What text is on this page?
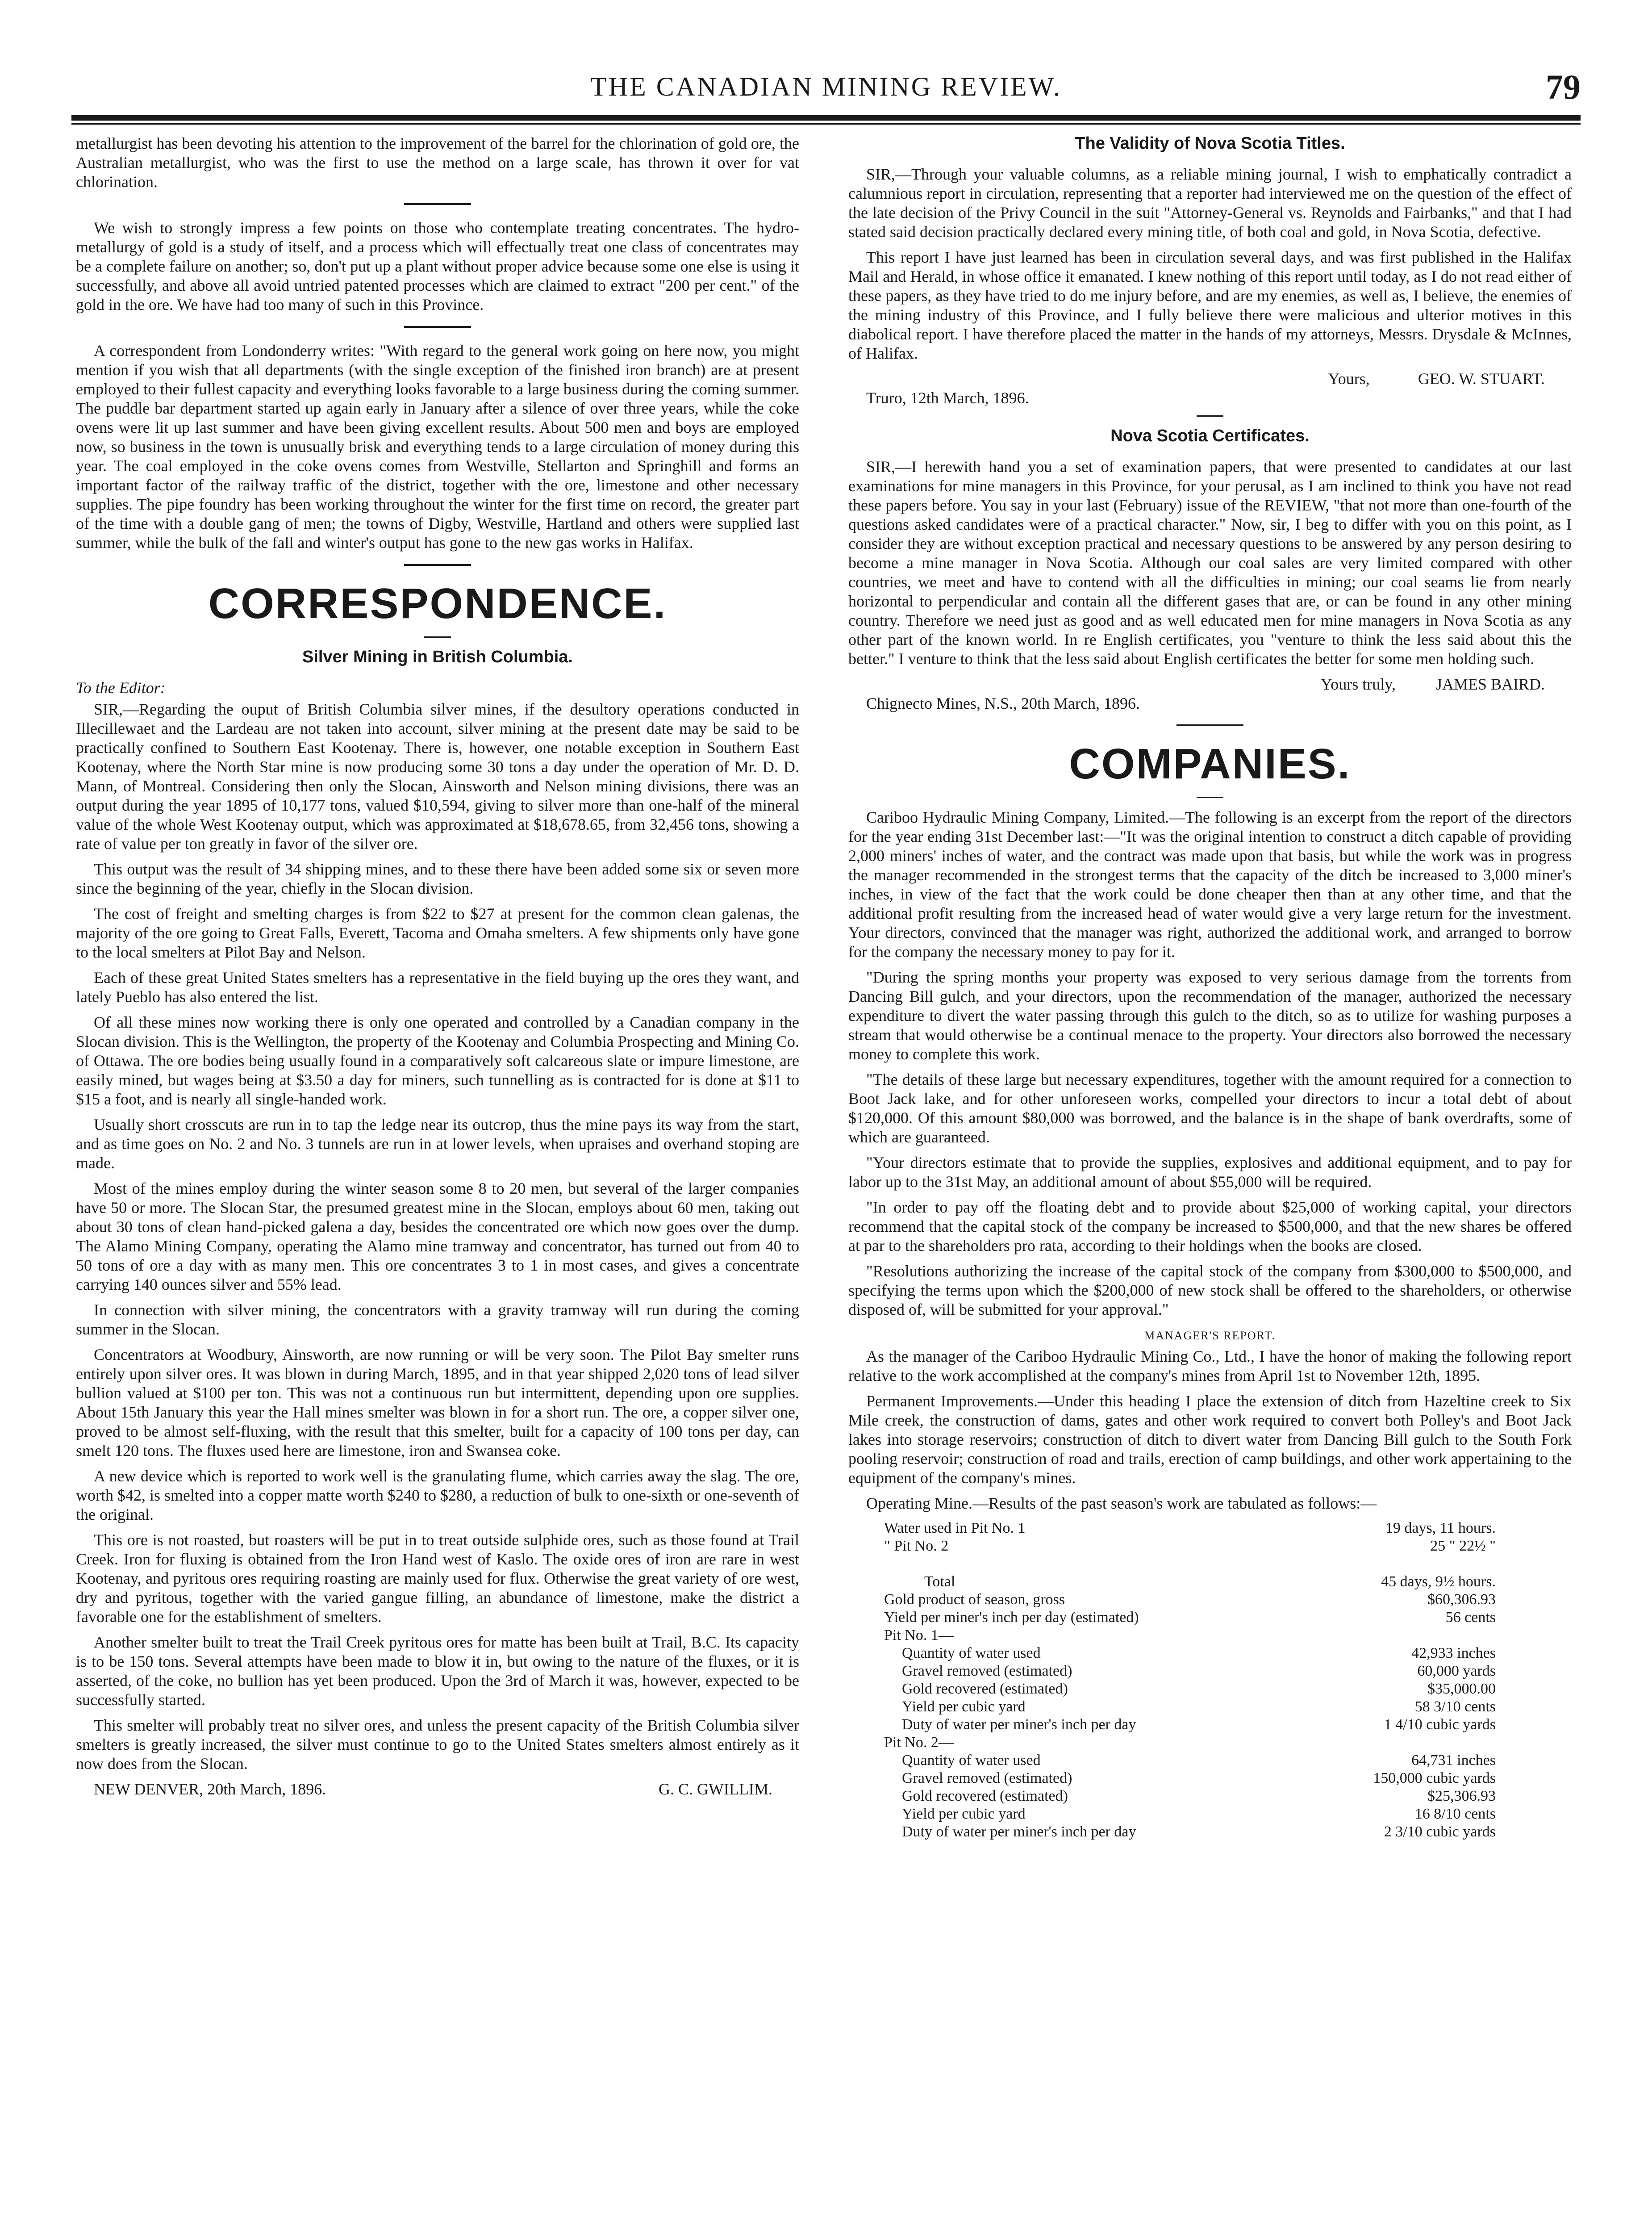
THE CANADIAN MINING REVIEW.	79

metallurgist has been devoting his attention to the improvement of the barrel for the chlorination of gold ore, the Australian metallurgist, who was the first to use the method on a large scale, has thrown it over for vat chlorination.

We wish to strongly impress a few points on those who contemplate treating concentrates. The hydro-metallurgy of gold is a study of itself, and a process which will effectually treat one class of concentrates may be a complete failure on another; so, don't put up a plant without proper advice because some one else is using it successfully, and above all avoid untried patented processes which are claimed to extract "200 per cent." of the gold in the ore. We have had too many of such in this Province.

A correspondent from Londonderry writes: "With regard to the general work going on here now, you might mention if you wish that all departments (with the single exception of the finished iron branch) are at present employed to their fullest capacity and everything looks favorable to a large business during the coming summer. The puddle bar department started up again early in January after a silence of over three years, while the coke ovens were lit up last summer and have been giving excellent results. About 500 men and boys are employed now, so business in the town is unusually brisk and everything tends to a large circulation of money during this year. The coal employed in the coke ovens comes from Westville, Stellarton and Springhill and forms an important factor of the railway traffic of the district, together with the ore, limestone and other necessary supplies. The pipe foundry has been working throughout the winter for the first time on record, the greater part of the time with a double gang of men; the towns of Digby, Westville, Hartland and others were supplied last summer, while the bulk of the fall and winter's output has gone to the new gas works in Halifax.

CORRESPONDENCE.
Silver Mining in British Columbia.
To the Editor:

SIR,—Regarding the ouput of British Columbia silver mines, if the desultory operations conducted in Illecillewaet and the Lardeau are not taken into account, silver mining at the present date may be said to be practically confined to Southern East Kootenay. There is, however, one notable exception in Southern East Kootenay, where the North Star mine is now producing some 30 tons a day under the operation of Mr. D. D. Mann, of Montreal. Considering then only the Slocan, Ainsworth and Nelson mining divisions, there was an output during the year 1895 of 10,177 tons, valued $10,594, giving to silver more than one-half of the mineral value of the whole West Kootenay output, which was approximated at $18,678.65, from 32,456 tons, showing a rate of value per ton greatly in favor of the silver ore.

This output was the result of 34 shipping mines, and to these there have been added some six or seven more since the beginning of the year, chiefly in the Slocan division.

The cost of freight and smelting charges is from $22 to $27 at present for the common clean galenas, the majority of the ore going to Great Falls, Everett, Tacoma and Omaha smelters. A few shipments only have gone to the local smelters at Pilot Bay and Nelson.

Each of these great United States smelters has a representative in the field buying up the ores they want, and lately Pueblo has also entered the list.

Of all these mines now working there is only one operated and controlled by a Canadian company in the Slocan division. This is the Wellington, the property of the Kootenay and Columbia Prospecting and Mining Co. of Ottawa. The ore bodies being usually found in a comparatively soft calcareous slate or impure limestone, are easily mined, but wages being at $3.50 a day for miners, such tunnelling as is contracted for is done at $11 to $15 a foot, and is nearly all single-handed work.

Usually short crosscuts are run in to tap the ledge near its outcrop, thus the mine pays its way from the start, and as time goes on No. 2 and No. 3 tunnels are run in at lower levels, when upraises and overhand stoping are made.

Most of the mines employ during the winter season some 8 to 20 men, but several of the larger companies have 50 or more. The Slocan Star, the presumed greatest mine in the Slocan, employs about 60 men, taking out about 30 tons of clean hand-picked galena a day, besides the concentrated ore which now goes over the dump. The Alamo Mining Company, operating the Alamo mine tramway and concentrator, has turned out from 40 to 50 tons of ore a day with as many men. This ore concentrates 3 to 1 in most cases, and gives a concentrate carrying 140 ounces silver and 55% lead.

In connection with silver mining, the concentrators with a gravity tramway will run during the coming summer in the Slocan.

Concentrators at Woodbury, Ainsworth, are now running or will be very soon. The Pilot Bay smelter runs entirely upon silver ores. It was blown in during March, 1895, and in that year shipped 2,020 tons of lead silver bullion valued at $100 per ton. This was not a continuous run but intermittent, depending upon ore supplies. About 15th January this year the Hall mines smelter was blown in for a short run. The ore, a copper silver one, proved to be almost self-fluxing, with the result that this smelter, built for a capacity of 100 tons per day, can smelt 120 tons. The fluxes used here are limestone, iron and Swansea coke.

A new device which is reported to work well is the granulating flume, which carries away the slag. The ore, worth $42, is smelted into a copper matte worth $240 to $280, a reduction of bulk to one-sixth or one-seventh of the original.

This ore is not roasted, but roasters will be put in to treat outside sulphide ores, such as those found at Trail Creek. Iron for fluxing is obtained from the Iron Hand west of Kaslo. The oxide ores of iron are rare in west Kootenay, and pyritous ores requiring roasting are mainly used for flux. Otherwise the great variety of ore west, dry and pyritous, together with the varied gangue filling, an abundance of limestone, make the district a favorable one for the establishment of smelters.

Another smelter built to treat the Trail Creek pyritous ores for matte has been built at Trail, B.C. Its capacity is to be 150 tons. Several attempts have been made to blow it in, but owing to the nature of the fluxes, or it is asserted, of the coke, no bullion has yet been produced. Upon the 3rd of March it was, however, expected to be successfully started.

This smelter will probably treat no silver ores, and unless the present capacity of the British Columbia silver smelters is greatly increased, the silver must continue to go to the United States smelters almost entirely as it now does from the Slocan.

NEW DENVER, 20th March, 1896.	G. C. GWILLIM.
The Validity of Nova Scotia Titles.

SIR,—Through your valuable columns, as a reliable mining journal, I wish to emphatically contradict a calumnious report in circulation, representing that a reporter had interviewed me on the question of the effect of the late decision of the Privy Council in the suit "Attorney-General vs. Reynolds and Fairbanks," and that I had stated said decision practically declared every mining title, of both coal and gold, in Nova Scotia, defective.

This report I have just learned has been in circulation several days, and was first published in the Halifax Mail and Herald, in whose office it emanated. I knew nothing of this report until today, as I do not read either of these papers, as they have tried to do me injury before, and are my enemies, as well as, I believe, the enemies of the mining industry of this Province, and I fully believe there were malicious and ulterior motives in this diabolical report. I have therefore placed the matter in the hands of my attorneys, Messrs. Drysdale & McInnes, of Halifax.

Yours,	GEO. W. STUART.

Truro, 12th March, 1896.
Nova Scotia Certificates.

SIR,—I herewith hand you a set of examination papers, that were presented to candidates at our last examinations for mine managers in this Province, for your perusal, as I am inclined to think you have not read these papers before. You say in your last (February) issue of the REVIEW, "that not more than one-fourth of the questions asked candidates were of a practical character." Now, sir, I beg to differ with you on this point, as I consider they are without exception practical and necessary questions to be answered by any person desiring to become a mine manager in Nova Scotia. Although our coal sales are very limited compared with other countries, we meet and have to contend with all the difficulties in mining; our coal seams lie from nearly horizontal to perpendicular and contain all the different gases that are, or can be found in any other mining country. Therefore we need just as good and as well educated men for mine managers in Nova Scotia as any other part of the known world. In re English certificates, you "venture to think the less said about this the better." I venture to think that the less said about English certificates the better for some men holding such.

Yours truly,	JAMES BAIRD.

Chignecto Mines, N.S., 20th March, 1896.
COMPANIES.

Cariboo Hydraulic Mining Company, Limited.—The following is an excerpt from the report of the directors for the year ending 31st December last:—"It was the original intention to construct a ditch capable of providing 2,000 miners' inches of water, and the contract was made upon that basis, but while the work was in progress the manager recommended in the strongest terms that the capacity of the ditch be increased to 3,000 miner's inches, in view of the fact that the work could be done cheaper then than at any other time, and that the additional profit resulting from the increased head of water would give a very large return for the investment. Your directors, convinced that the manager was right, authorized the additional work, and arranged to borrow for the company the necessary money to pay for it.

"During the spring months your property was exposed to very serious damage from the torrents from Dancing Bill gulch, and your directors, upon the recommendation of the manager, authorized the necessary expenditure to divert the water passing through this gulch to the ditch, so as to utilize for washing purposes a stream that would otherwise be a continual menace to the property. Your directors also borrowed the necessary money to complete this work.

"The details of these large but necessary expenditures, together with the amount required for a connection to Boot Jack lake, and for other unforeseen works, compelled your directors to incur a total debt of about $120,000. Of this amount $80,000 was borrowed, and the balance is in the shape of bank overdrafts, some of which are guaranteed.

"Your directors estimate that to provide the supplies, explosives and additional equipment, and to pay for labor up to the 31st May, an additional amount of about $55,000 will be required.

"In order to pay off the floating debt and to provide about $25,000 of working capital, your directors recommend that the capital stock of the company be increased to $500,000, and that the new shares be offered at par to the shareholders pro rata, according to their holdings when the books are closed.

"Resolutions authorizing the increase of the capital stock of the company from $300,000 to $500,000, and specifying the terms upon which the $200,000 of new stock shall be offered to the shareholders, or otherwise disposed of, will be submitted for your approval."

MANAGER'S REPORT.

As the manager of the Cariboo Hydraulic Mining Co., Ltd., I have the honor of making the following report relative to the work accomplished at the company's mines from April 1st to November 12th, 1895.

Permanent Improvements.—Under this heading I place the extension of ditch from Hazeltine creek to Six Mile creek, the construction of dams, gates and other work required to convert both Polley's and Boot Jack lakes into storage reservoirs; construction of ditch to divert water from Dancing Bill gulch to the South Fork pooling reservoir; construction of road and trails, erection of camp buildings, and other work appertaining to the equipment of the company's mines.

Operating Mine.—Results of the past season's work are tabulated as follows:—

Water used in Pit No. 1	19 days, 11 hours.
" Pit No. 2	25 " 22½ "

Total	45 days, 9½ hours.
Gold product of season, gross	$60,306.93
Yield per miner's inch per day (estimated)	56 cents
Pit No. 1—	
Quantity of water used	42,933 inches
Gravel removed (estimated)	60,000 yards
Gold recovered (estimated)	$35,000.00
Yield per cubic yard	58 3/10 cents
Duty of water per miner's inch per day	1 4/10 cubic yards
Pit No. 2—	
Quantity of water used	64,731 inches
Gravel removed (estimated)	150,000 cubic yards
Gold recovered (estimated)	$25,306.93
Yield per cubic yard	16 8/10 cents
Duty of water per miner's inch per day	2 3/10 cubic yards
